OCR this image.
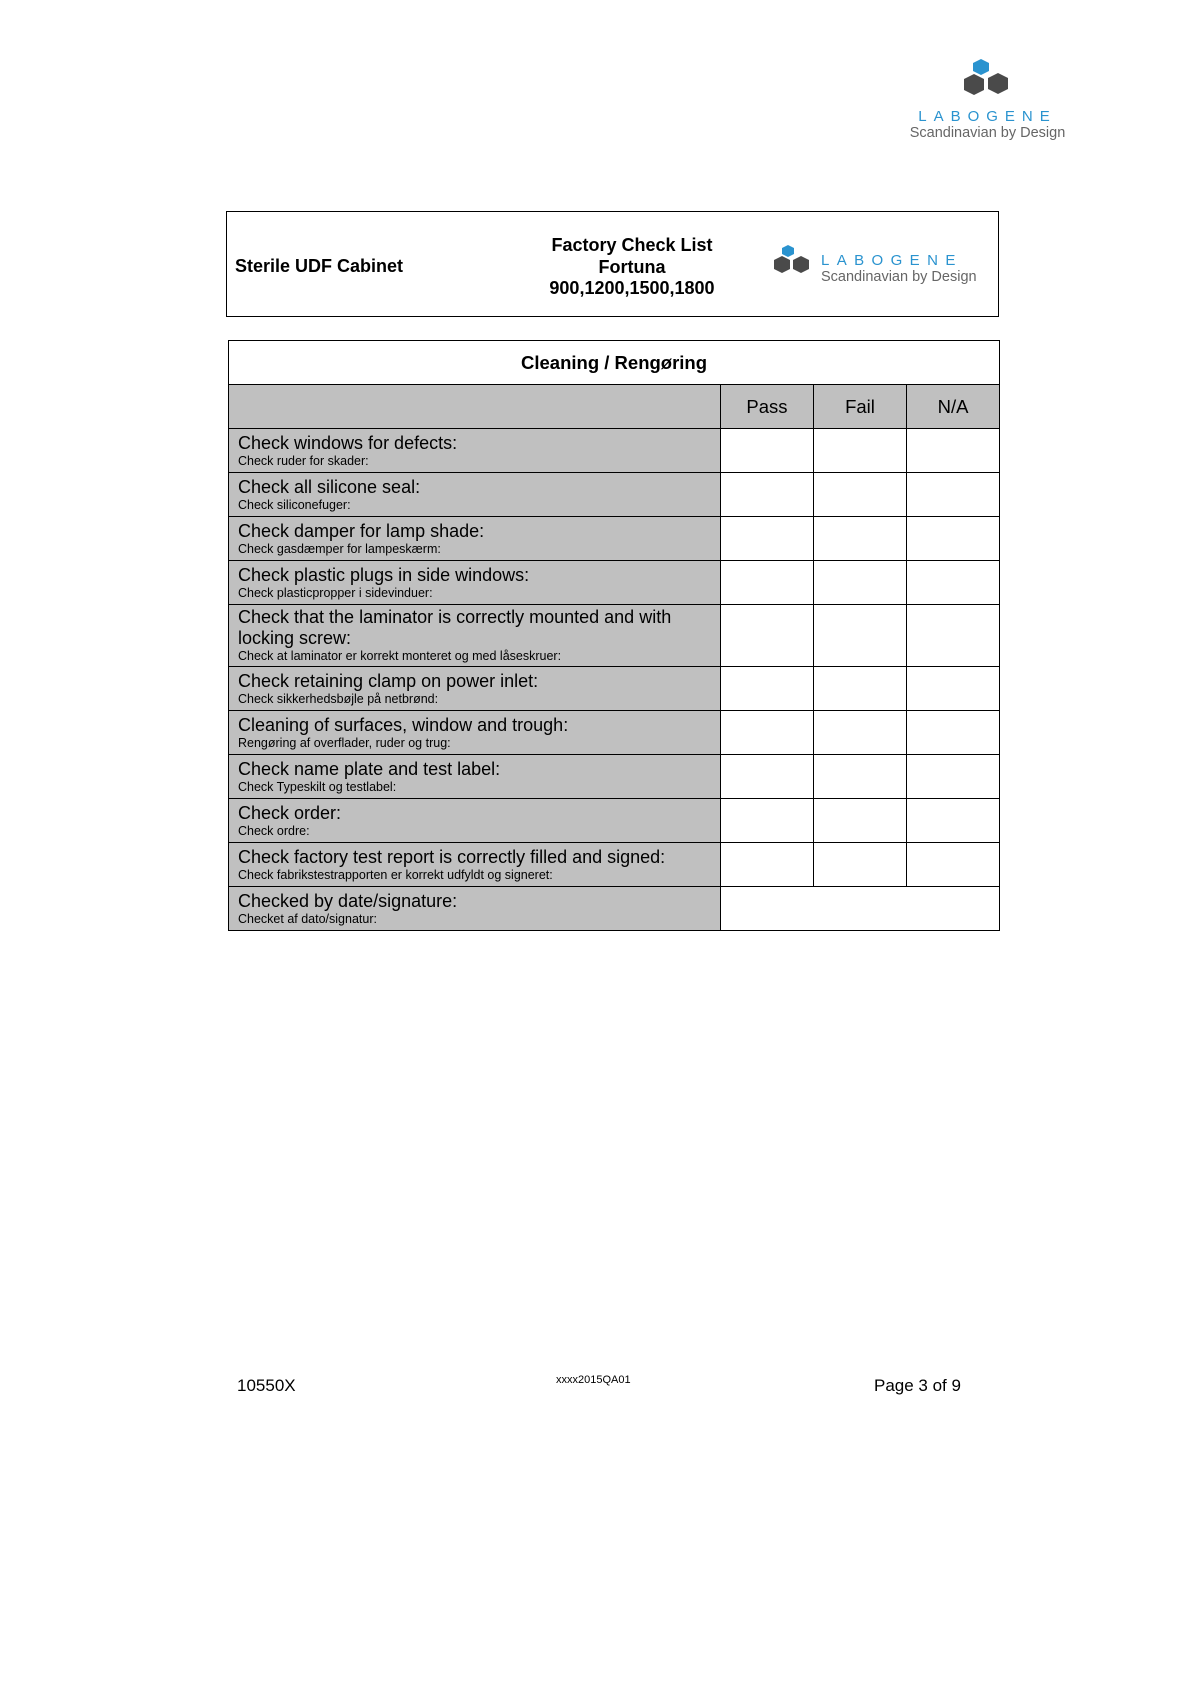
LABOGENE
Scandinavian by Design
Sterile UDF Cabinet
Factory Check List
Fortuna
900,1200,1500,1800
LABOGENE
Scandinavian by Design
Cleaning / Rengøring			
	Pass	Fail	N/A

Check windows for defects:
Check ruder for skader:			

Check all silicone seal:
Check siliconefuger:			

Check damper for lamp shade:
Check gasdæmper for lampeskærm:			

Check plastic plugs in side windows:
Check plasticpropper i sidevinduer:			

Check that the laminator is correctly mounted and with locking screw:
Check at laminator er korrekt monteret og med låseskruer:			

Check retaining clamp on power inlet:
Check sikkerhedsbøjle på netbrønd:			

Cleaning of surfaces, window and trough:
Rengøring af overflader, ruder og trug:			

Check name plate and test label:
Check Typeskilt og testlabel:			

Check order:
Check ordre:			

Check factory test report is correctly filled and signed:
Check fabrikstestrapporten er korrekt udfyldt og signeret:			

Checked by date/signature:
Checket af dato/signatur:			

10550X	xxxx2015QA01	Page 3 of 9
